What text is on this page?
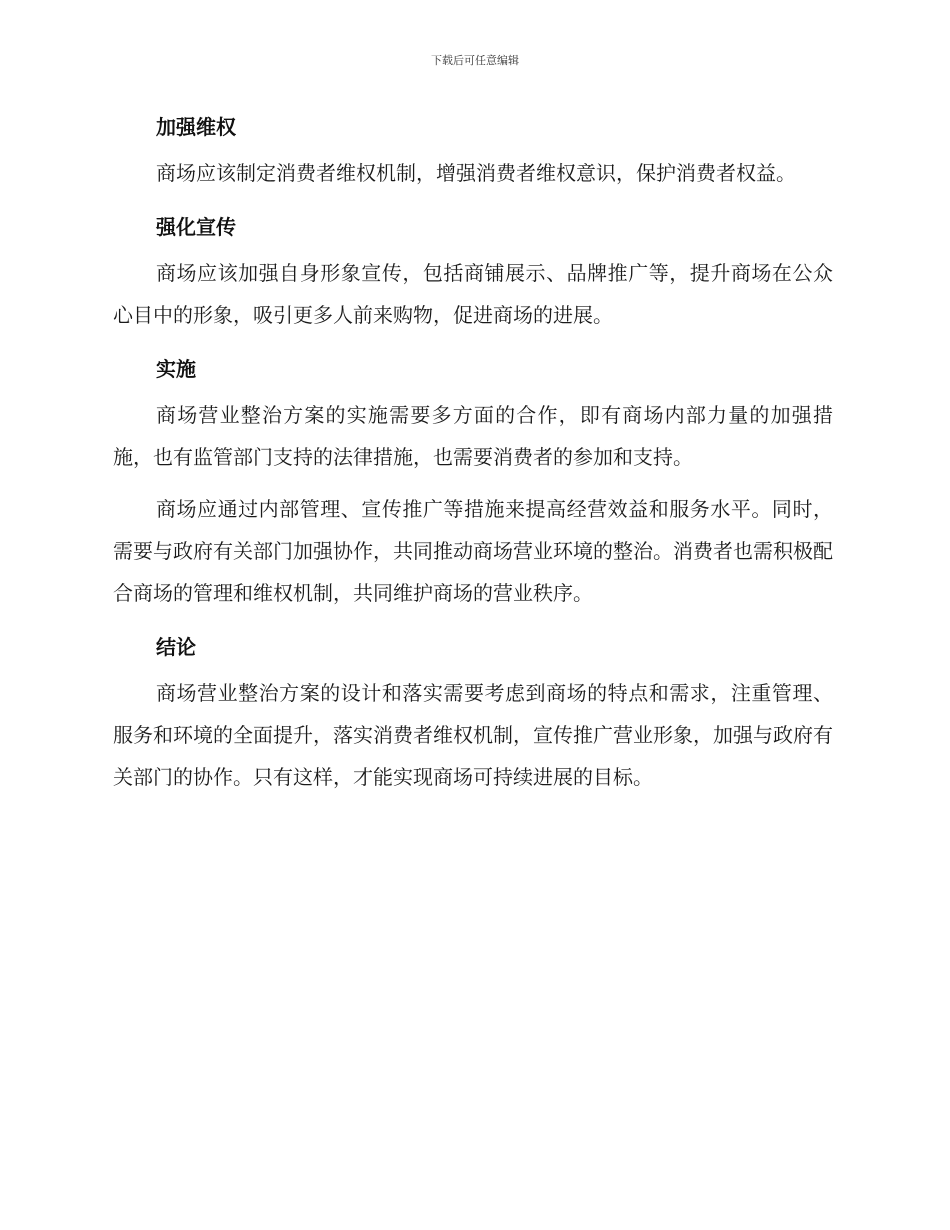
下载后可任意编辑
加强维权

商场应该制定消费者维权机制，增强消费者维权意识，保护消费者权益。

强化宣传

商场应该加强自身形象宣传，包括商铺展示、品牌推广等，提升商场在公众心目中的形象，吸引更多人前来购物，促进商场的进展。

实施

商场营业整治方案的实施需要多方面的合作，即有商场内部力量的加强措施，也有监管部门支持的法律措施，也需要消费者的参加和支持。

商场应通过内部管理、宣传推广等措施来提高经营效益和服务水平。同时，需要与政府有关部门加强协作，共同推动商场营业环境的整治。消费者也需积极配合商场的管理和维权机制，共同维护商场的营业秩序。

结论

商场营业整治方案的设计和落实需要考虑到商场的特点和需求，注重管理、服务和环境的全面提升，落实消费者维权机制，宣传推广营业形象，加强与政府有关部门的协作。只有这样，才能实现商场可持续进展的目标。
